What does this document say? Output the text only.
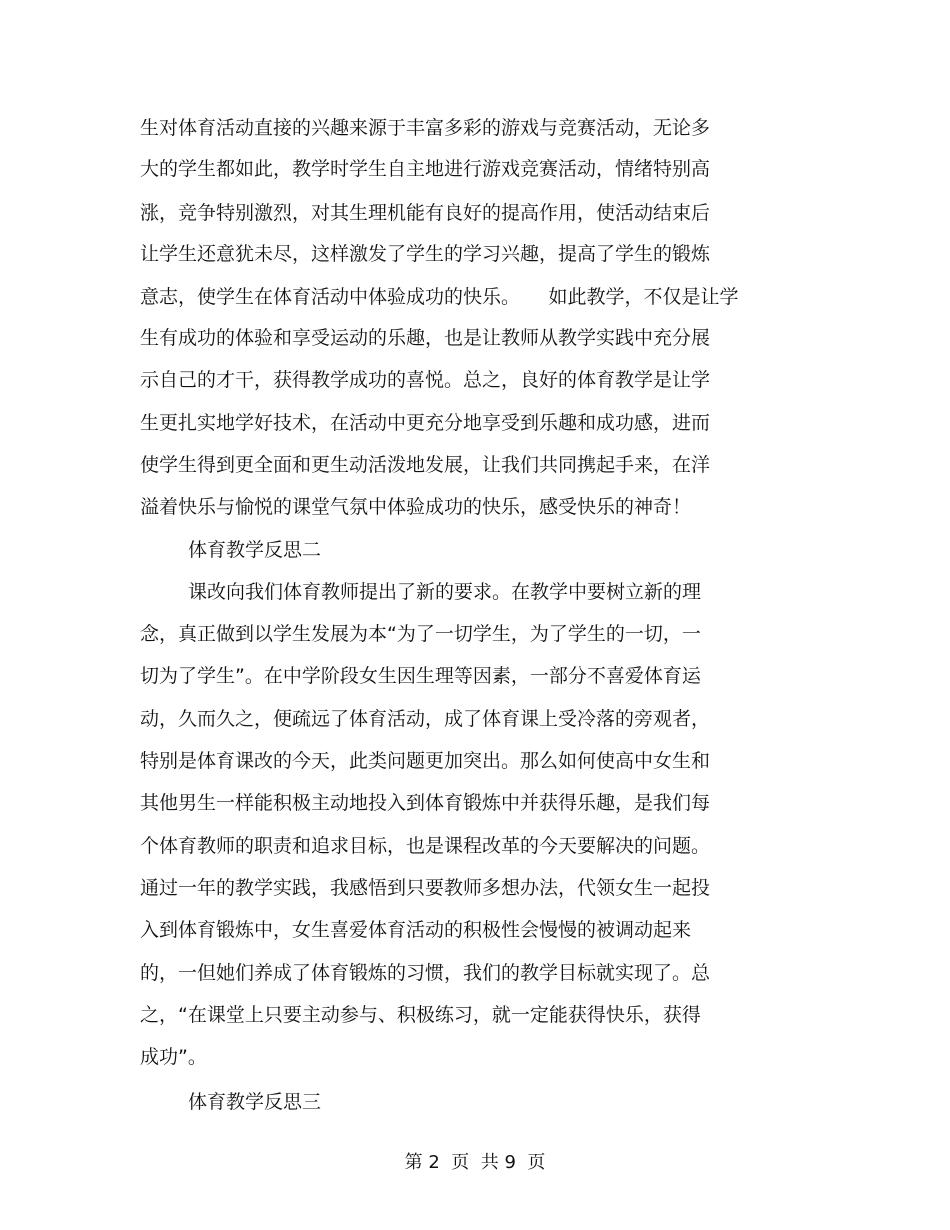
生对体育活动直接的兴趣来源于丰富多彩的游戏与竞赛活动，无论多
大的学生都如此，教学时学生自主地进行游戏竞赛活动，情绪特别高
涨，竞争特别激烈，对其生理机能有良好的提高作用，使活动结束后
让学生还意犹未尽，这样激发了学生的学习兴趣，提高了学生的锻炼
意志，使学生在体育活动中体验成功的快乐。　　如此教学，不仅是让学
生有成功的体验和享受运动的乐趣，也是让教师从教学实践中充分展
示自己的才干，获得教学成功的喜悦。总之，良好的体育教学是让学
生更扎实地学好技术，在活动中更充分地享受到乐趣和成功感，进而
使学生得到更全面和更生动活泼地发展，让我们共同携起手来，在洋
溢着快乐与愉悦的课堂气氛中体验成功的快乐，感受快乐的神奇！
体育教学反思二
课改向我们体育教师提出了新的要求。在教学中要树立新的理
念，真正做到以学生发展为本“为了一切学生，为了学生的一切，一
切为了学生”。在中学阶段女生因生理等因素，一部分不喜爱体育运
动，久而久之，便疏远了体育活动，成了体育课上受冷落的旁观者，
特别是体育课改的今天，此类问题更加突出。那么如何使高中女生和
其他男生一样能积极主动地投入到体育锻炼中并获得乐趣，是我们每
个体育教师的职责和追求目标，也是课程改革的今天要解决的问题。
通过一年的教学实践，我感悟到只要教师多想办法，代领女生一起投
入到体育锻炼中，女生喜爱体育活动的积极性会慢慢的被调动起来
的，一但她们养成了体育锻炼的习惯，我们的教学目标就实现了。总
之，“在课堂上只要主动参与、积极练习，就一定能获得快乐，获得
成功”。
体育教学反思三
第 2  页  共 9  页
